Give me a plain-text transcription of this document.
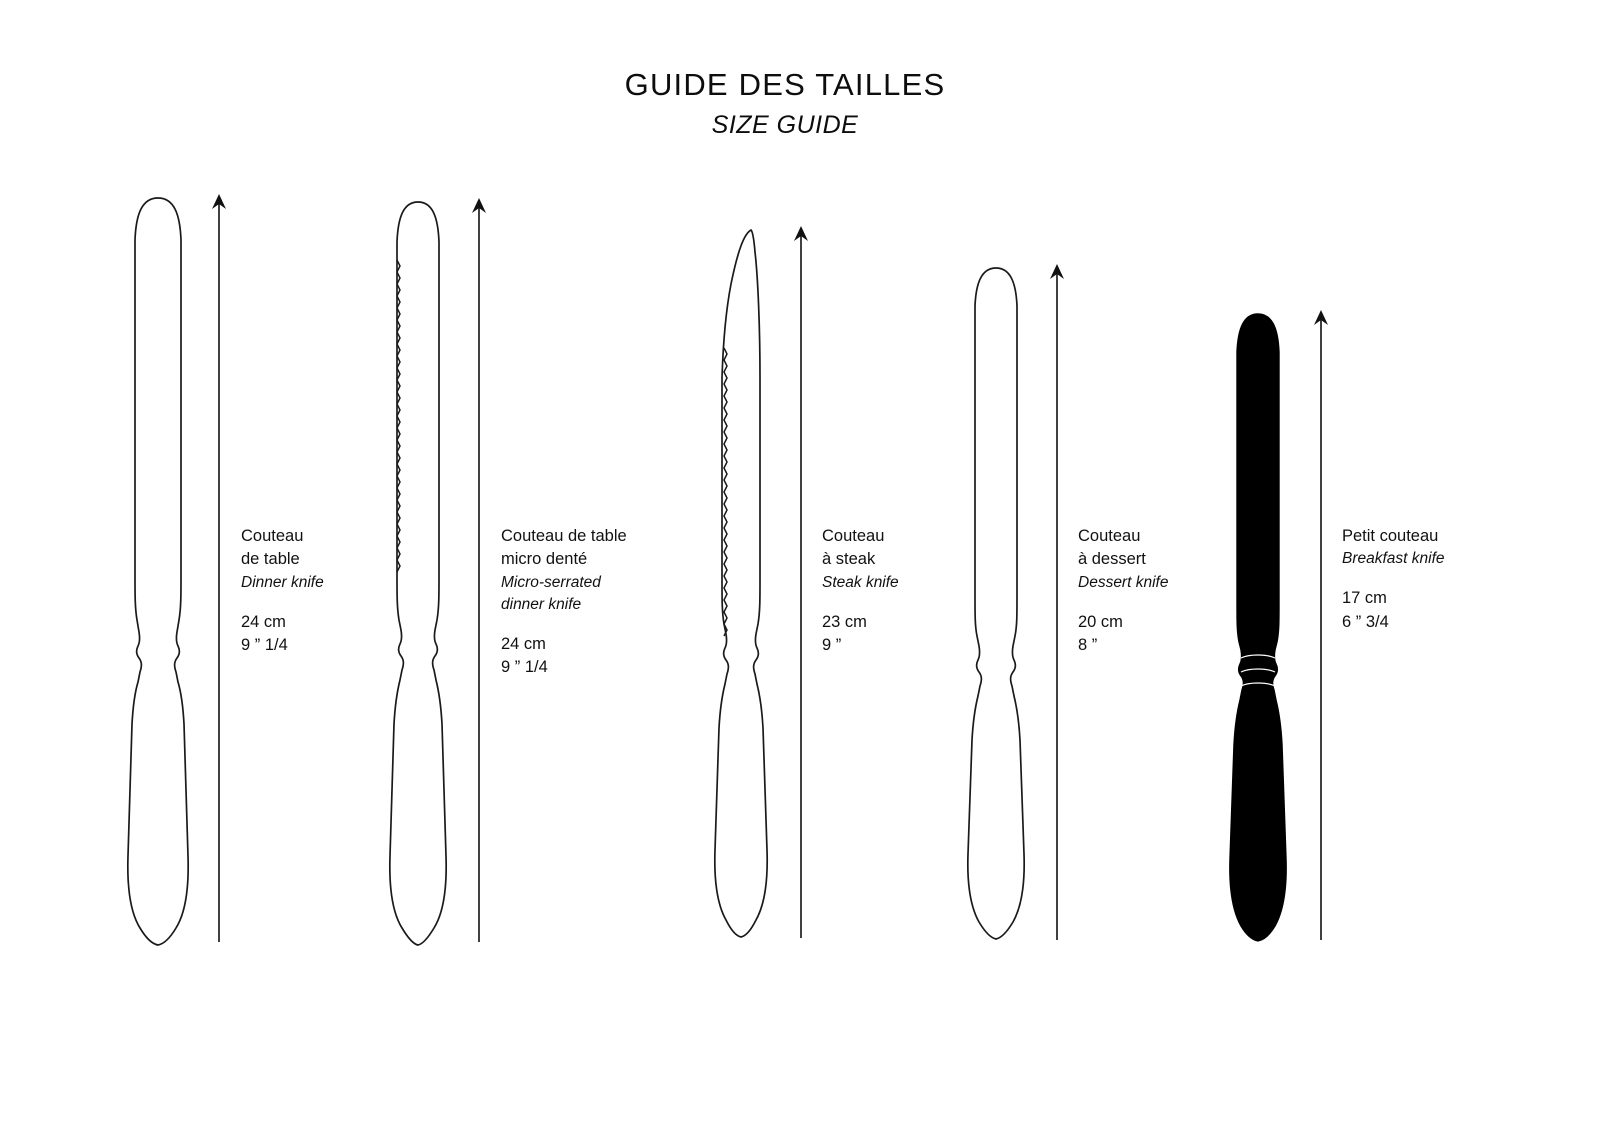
GUIDE DES TAILLES
SIZE GUIDE
Couteau
de table
Dinner knife
24 cm
9 ” 1/4
Couteau de table
micro denté
Micro-serrated
dinner knife
24 cm
9 ” 1/4
Couteau
à steak
Steak knife
23 cm
9 ”
Couteau
à dessert
Dessert knife
20 cm
8 ”
Petit couteau
Breakfast knife
17 cm
6 ” 3/4
